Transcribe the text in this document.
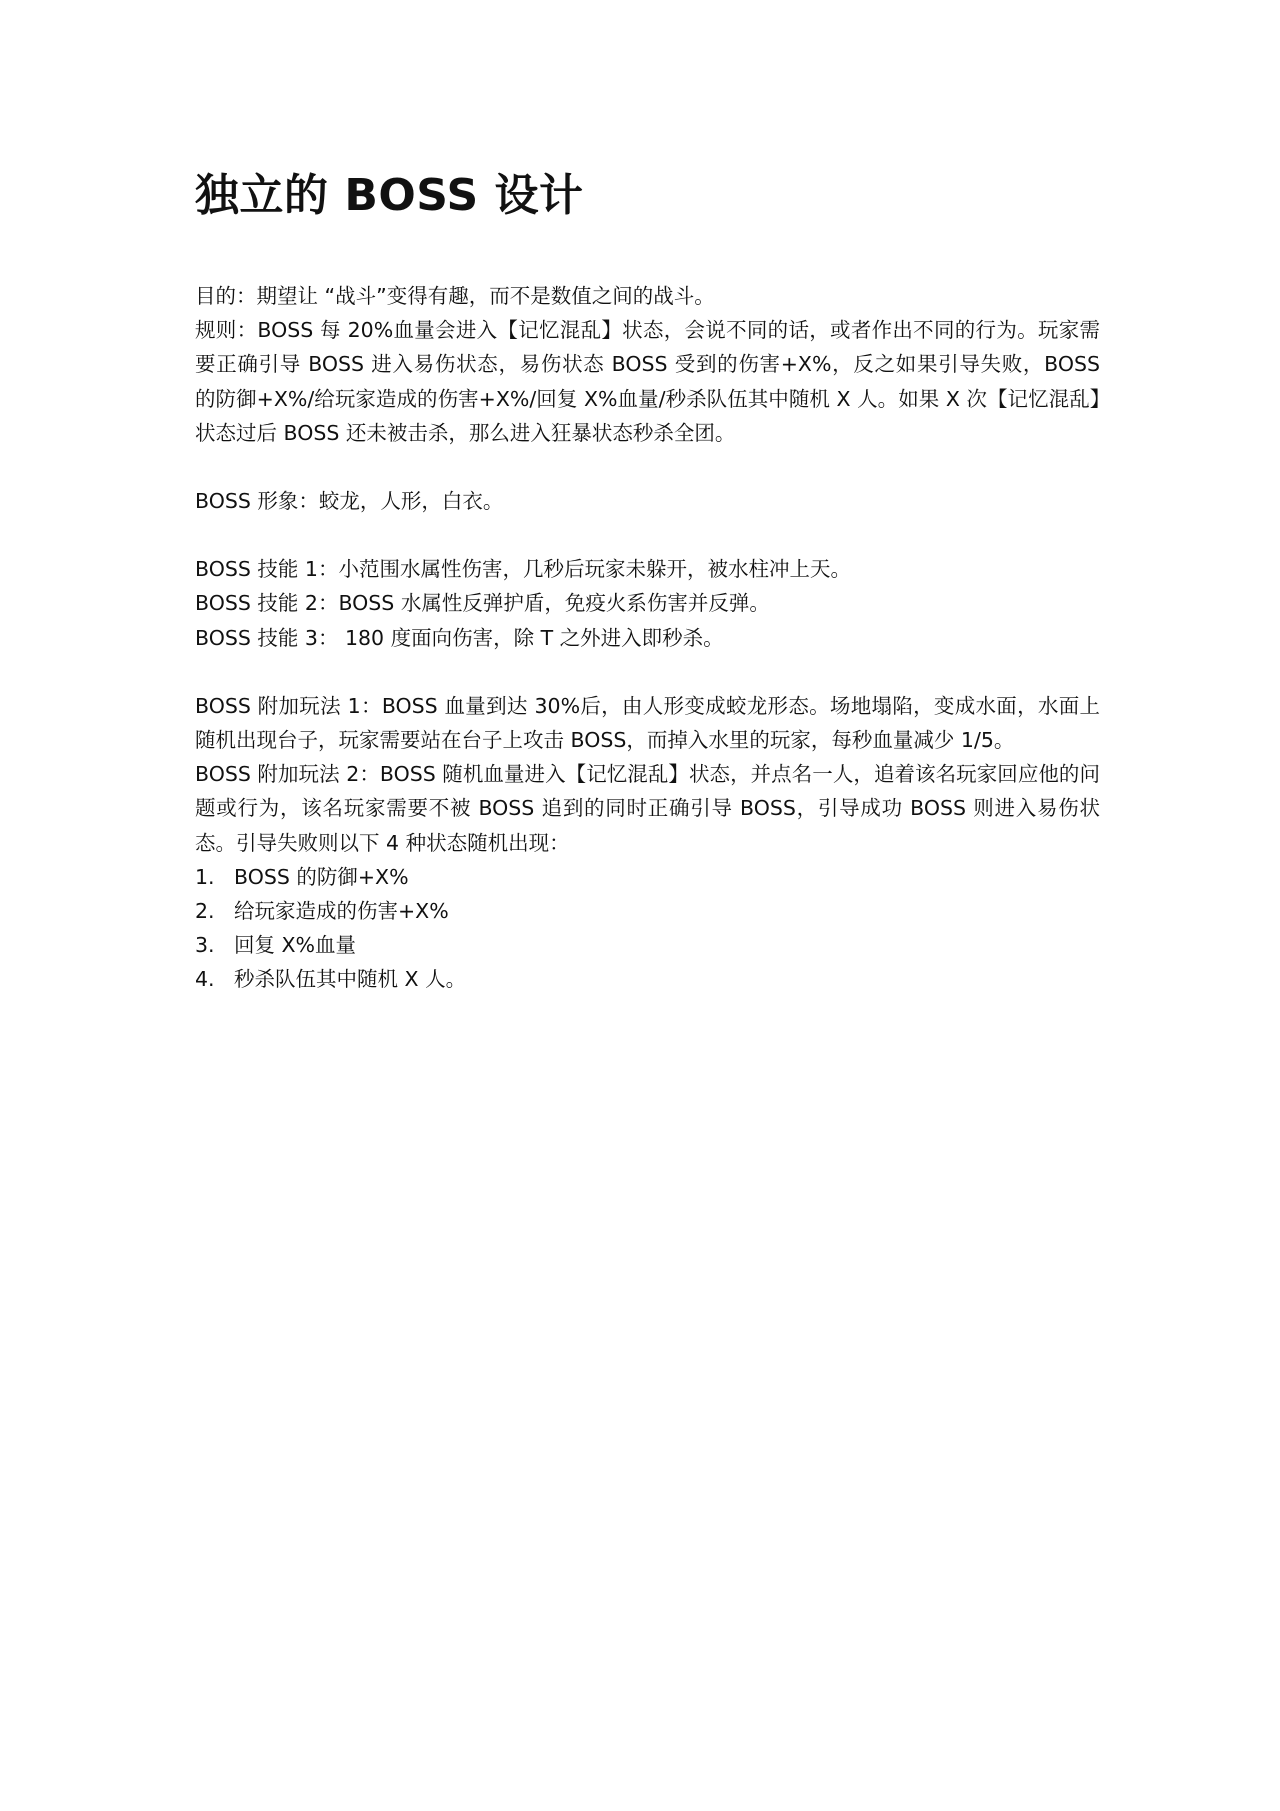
独立的 BOSS 设计

目的：期望让 “战斗”变得有趣，而不是数值之间的战斗。

规则：BOSS 每 20%血量会进入【记忆混乱】状态，会说不同的话，或者作出不同的行为。玩家需要正确引导 BOSS 进入易伤状态，易伤状态 BOSS 受到的伤害+X%，反之如果引导失败，BOSS 的防御+X%/给玩家造成的伤害+X%/回复 X%血量/秒杀队伍其中随机 X 人。如果 X 次【记忆混乱】状态过后 BOSS 还未被击杀，那么进入狂暴状态秒杀全团。

BOSS 形象：蛟龙，人形，白衣。

BOSS 技能 1：小范围水属性伤害，几秒后玩家未躲开，被水柱冲上天。

BOSS 技能 2：BOSS 水属性反弹护盾，免疫火系伤害并反弹。

BOSS 技能 3： 180 度面向伤害，除 T 之外进入即秒杀。

BOSS 附加玩法 1：BOSS 血量到达 30%后，由人形变成蛟龙形态。场地塌陷，变成水面，水面上随机出现台子，玩家需要站在台子上攻击 BOSS，而掉入水里的玩家，每秒血量减少 1/5。

BOSS 附加玩法 2：BOSS 随机血量进入【记忆混乱】状态，并点名一人，追着该名玩家回应他的问题或行为，该名玩家需要不被 BOSS 追到的同时正确引导 BOSS，引导成功 BOSS 则进入易伤状态。引导失败则以下 4 种状态随机出现：

1. BOSS 的防御+X%
2. 给玩家造成的伤害+X%
3. 回复 X%血量
4. 秒杀队伍其中随机 X 人。
